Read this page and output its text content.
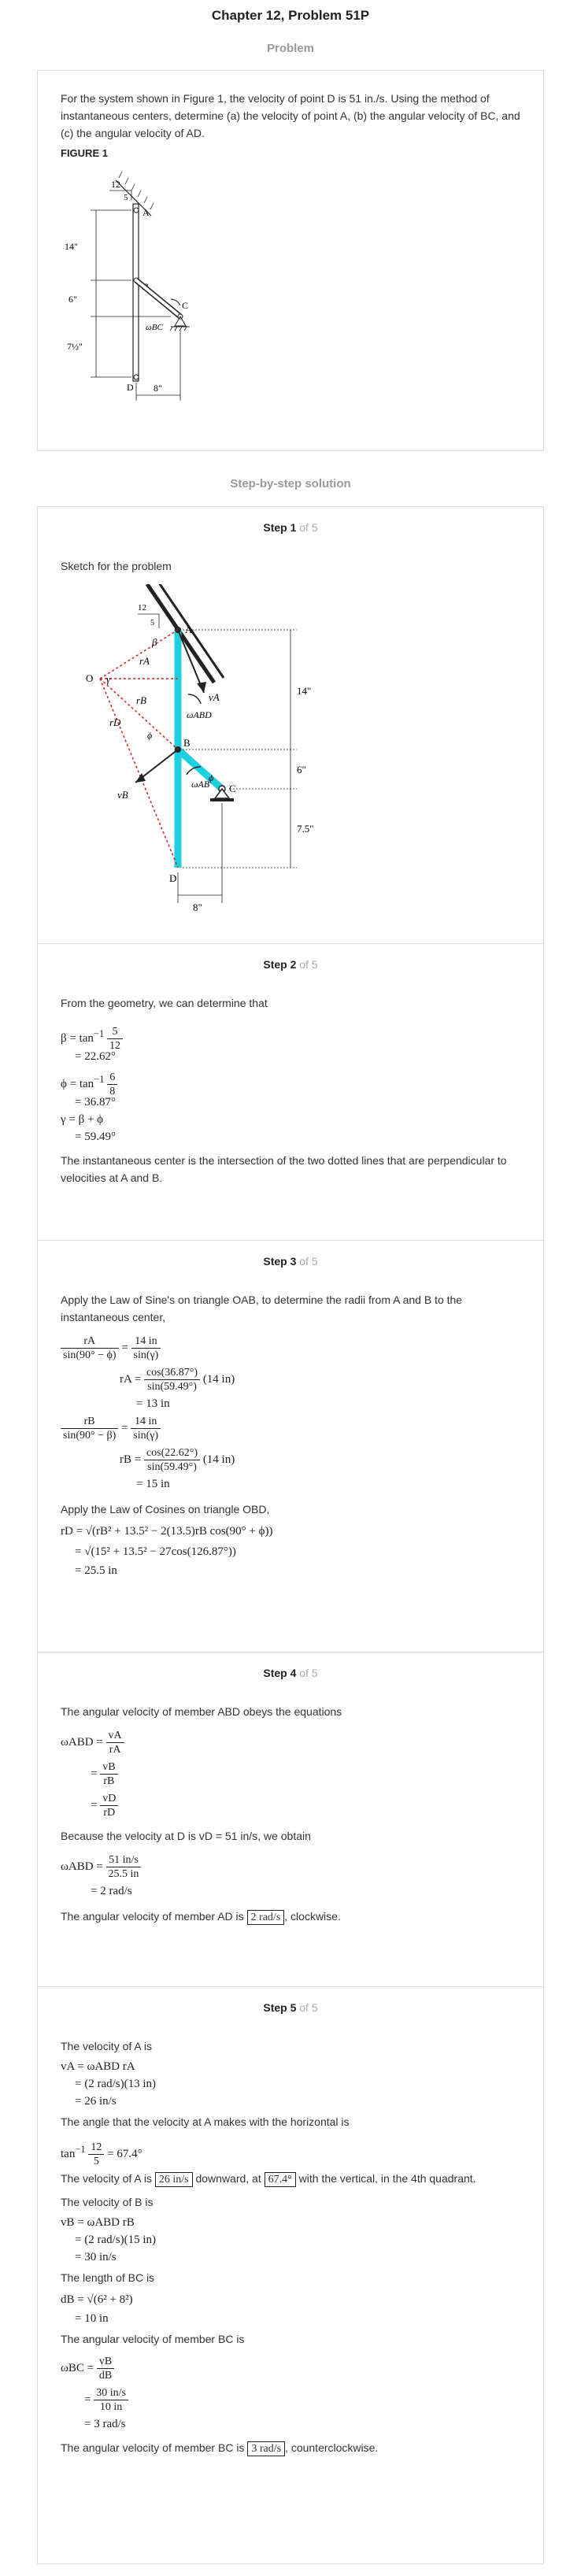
Chapter 12, Problem 51P
Problem
For the system shown in Figure 1, the velocity of point D is 51 in./s. Using the method of instantaneous centers, determine (a) the velocity of point A, (b) the angular velocity of BC, and (c) the angular velocity of AD.
FIGURE 1
12
5
A
D
C
ωBC
14"
6"
7½"
8"
Step-by-step solution
Step 1 of 5

Sketch for the problem

12
5
A
B
C
D
O
β
γ
ϕ
ϕ
rA
rB
rD
vA
vB
ωABD
ωAB
14"
6"
7.5"
8"
Step 2 of 5

From the geometry, we can determine that

$\beta = \tan^{-1} \frac{5}{12}$
= 22.62°
$\phi = \tan^{-1} \frac{6}{8}$
= 36.87°
γ = β + ϕ
= 59.49°

The instantaneous center is the intersection of the two dotted lines that are perpendicular to velocities at A and B.

Step 3 of 5

Apply the Law of Sine's on triangle OAB, to determine the radii from A and B to the instantaneous center,

$\frac{rA}{\sin(90^\circ - \phi)} = \frac{14 in}{\sin(\gamma)}$
rA = $\frac{\cos(36.87^\circ)}{\sin(59.49^\circ)} (14$ in)
= 13 in
$\frac{rB}{\sin(90^\circ - \beta)} = \frac{14 in}{\sin(\gamma)}$
rB = $\frac{\cos(22.62^\circ)}{\sin(59.49^\circ)} (14$ in)
= 15 in

Apply the Law of Cosines on triangle OBD,

rD = √(rB² + 13.5² − 2(13.5)rB cos(90° + ϕ))
= √(15² + 13.5² − 27cos(126.87°))
= 25.5 in
Step 4 of 5

The angular velocity of member ABD obeys the equations

$\omega ABD = \frac{vA}{rA}$
= $\frac{vB}{rB}$
= $\frac{vD}{rD}$

Because the velocity at D is vD = 51 in/s, we obtain

$\omega ABD = \frac{51 in/s}{25.5 in}$
= 2 rad/s

The angular velocity of member AD is 2 rad/s , clockwise.

Step 5 of 5

The velocity of A is

vA = ωABD rA
= (2 rad/s)(13 in)
= 26 in/s

The angle that the velocity at A makes with the horizontal is

$\tan^{-1} \frac{12}{5} = 67.4^\circ$

The velocity of A is 26 in/s downward, at 67.4° with the vertical, in the 4th quadrant.

The velocity of B is

vB = ωABD rB
= (2 rad/s)(15 in)
= 30 in/s

The length of BC is

dB = √(6² + 8²)
= 10 in

The angular velocity of member BC is

$\omega BC = \frac{vB}{dB}$
= $\frac{30 in/s}{10 in}$
= 3 rad/s

The angular velocity of member BC is 3 rad/s , counterclockwise.
